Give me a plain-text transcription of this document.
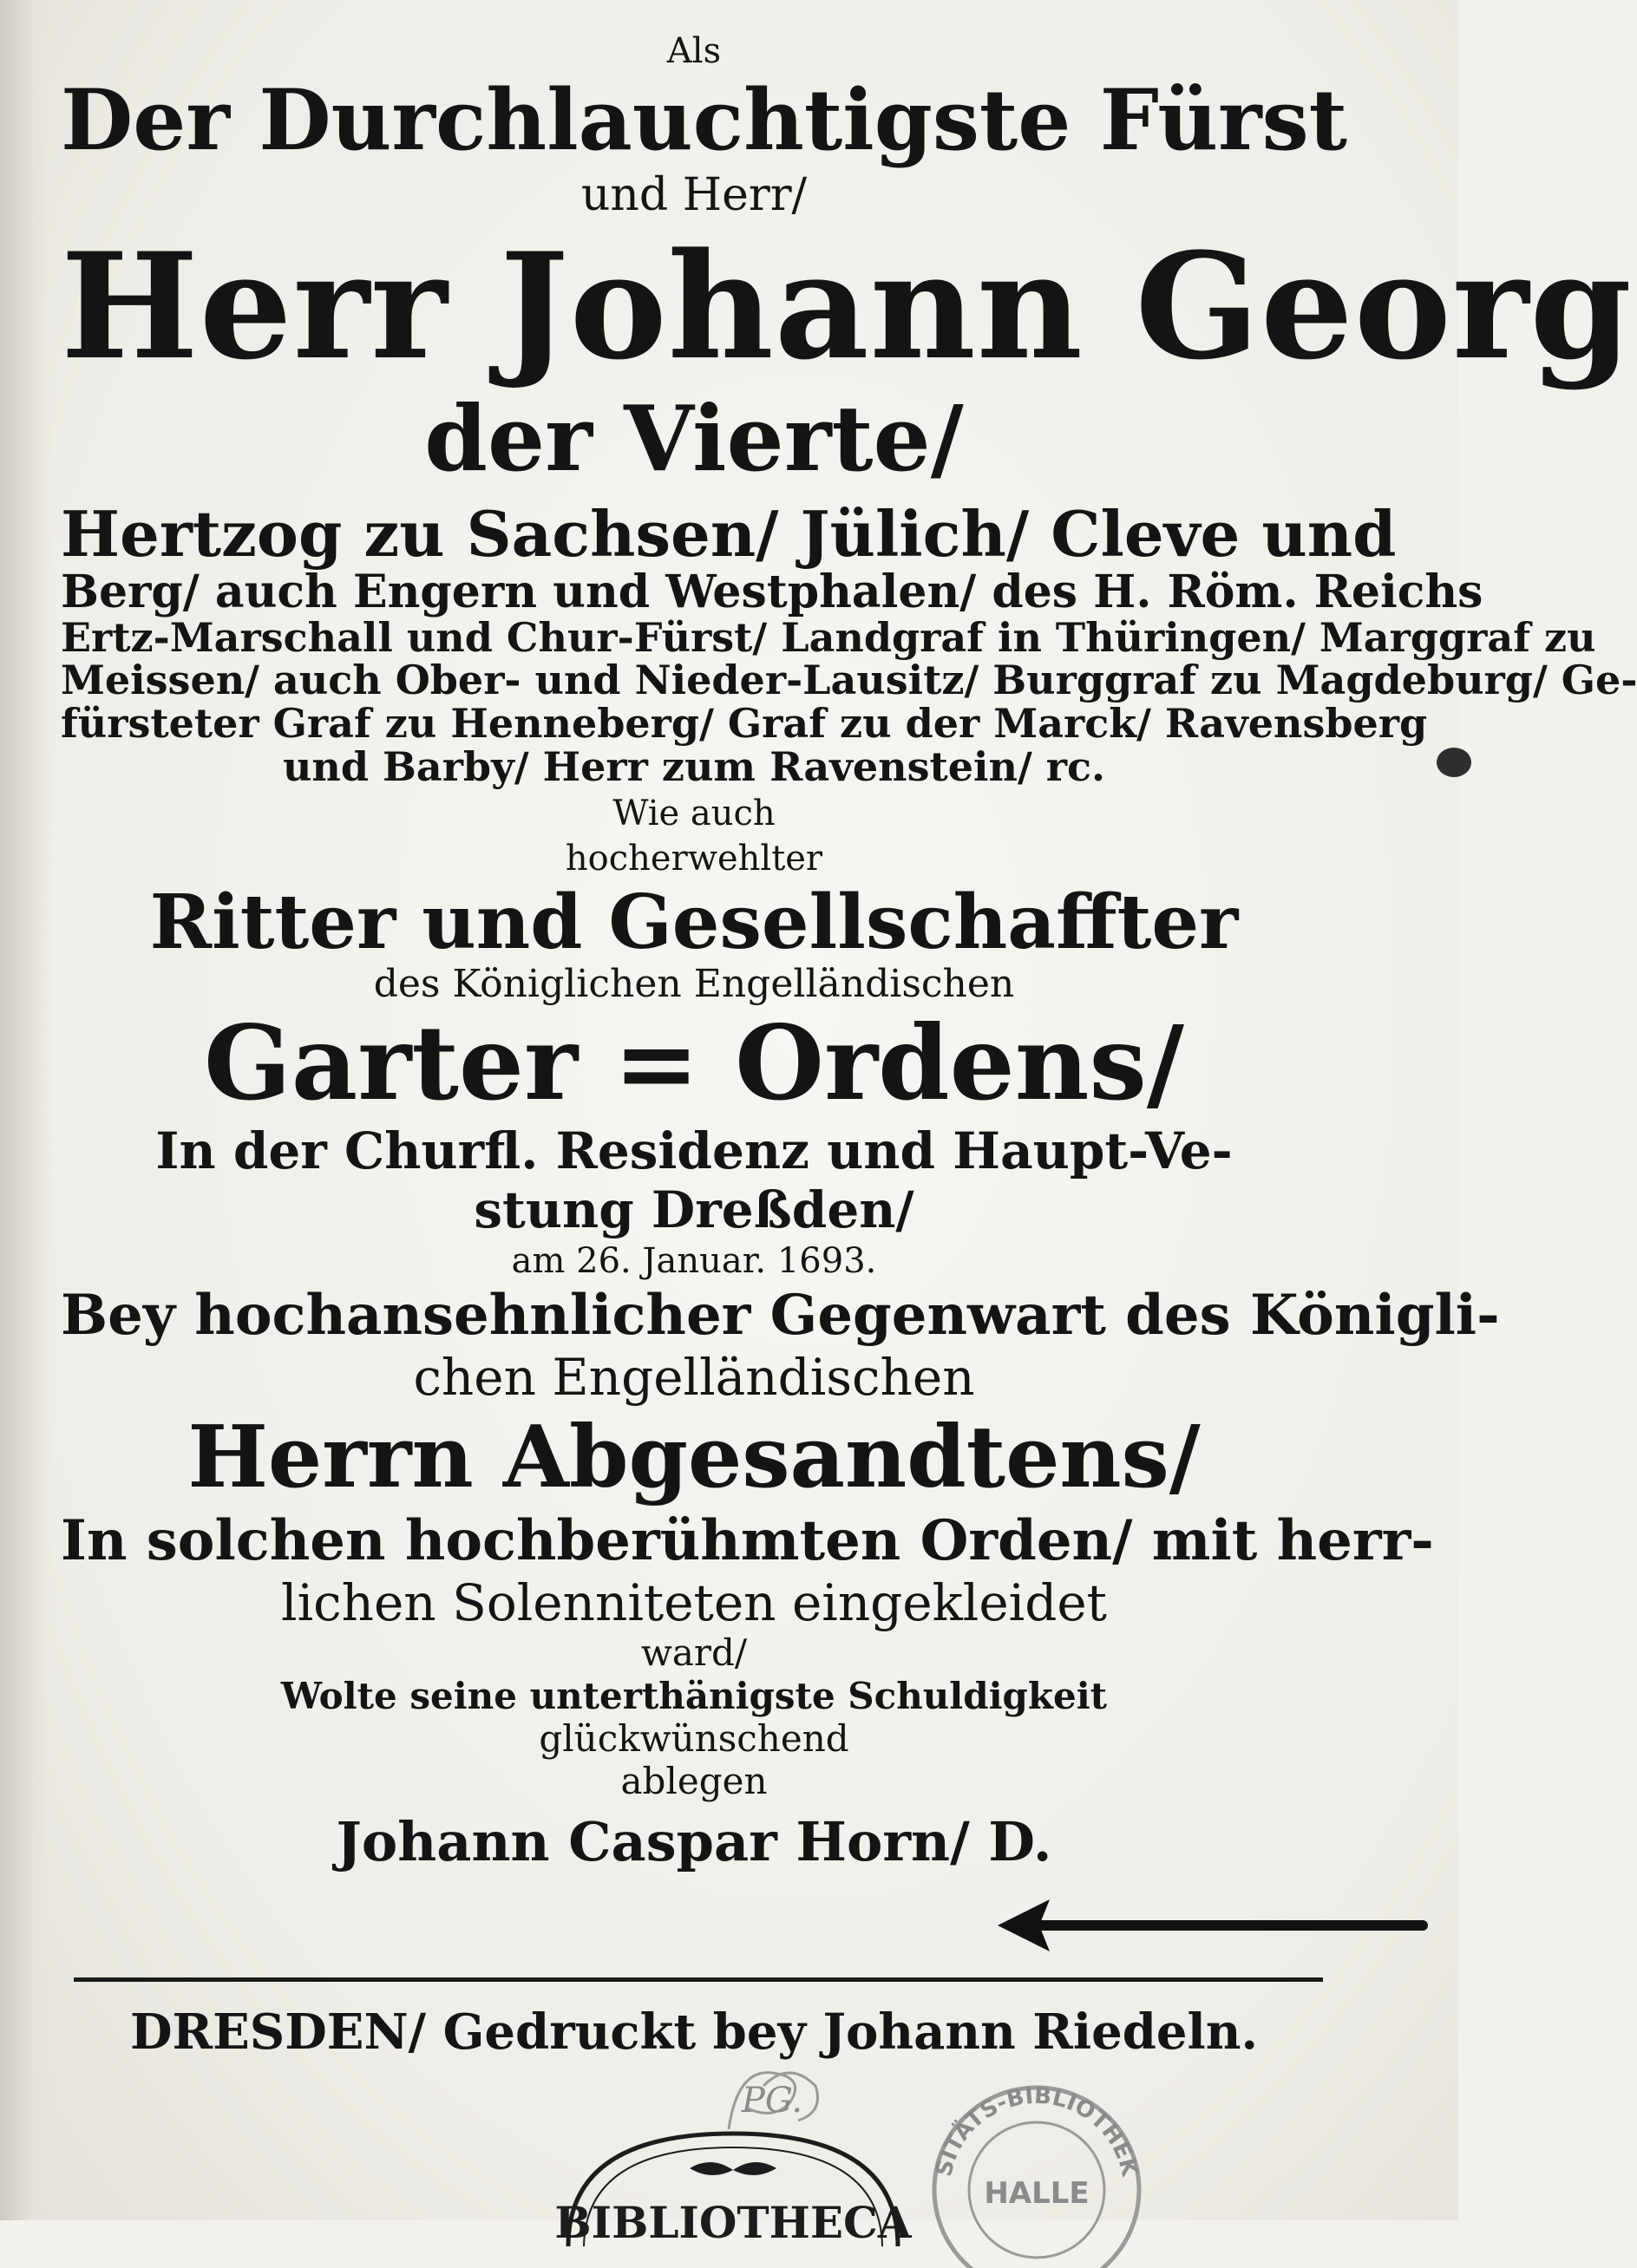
Als
Der Durchlauchtigste Fürst
und Herr/
Herr Johann Georg
der Vierte/
Hertzog zu Sachsen/ Jülich/ Cleve und
Berg/ auch Engern und Westphalen/ des H. Röm. Reichs
Ertz-Marschall und Chur-Fürst/ Landgraf in Thüringen/ Marggraf zu
Meissen/ auch Ober- und Nieder-Lausitz/ Burggraf zu Magdeburg/ Ge-
fürsteter Graf zu Henneberg/ Graf zu der Marck/ Ravensberg
und Barby/ Herr zum Ravenstein/ rc.
Wie auch
hocherwehlter
Ritter und Gesellschaffter
des Königlichen Engelländischen
Garter = Ordens/
In der Churfl. Residenz und Haupt-Ve-
stung Dreßden/
am 26. Januar. 1693.
Bey hochansehnlicher Gegenwart des Königli-
chen Engelländischen
Herrn Abgesandtens/
In solchen hochberühmten Orden/ mit herr-
lichen Solenniteten eingekleidet
ward/
Wolte seine unterthänigste Schuldigkeit
glückwünschend
ablegen
Johann Caspar Horn/ D.
DRESDEN/ Gedruckt bey Johann Riedeln.
PG.
BIBLIOTHECA
SITÄTS-BIBLIOTHEK
HALLE
